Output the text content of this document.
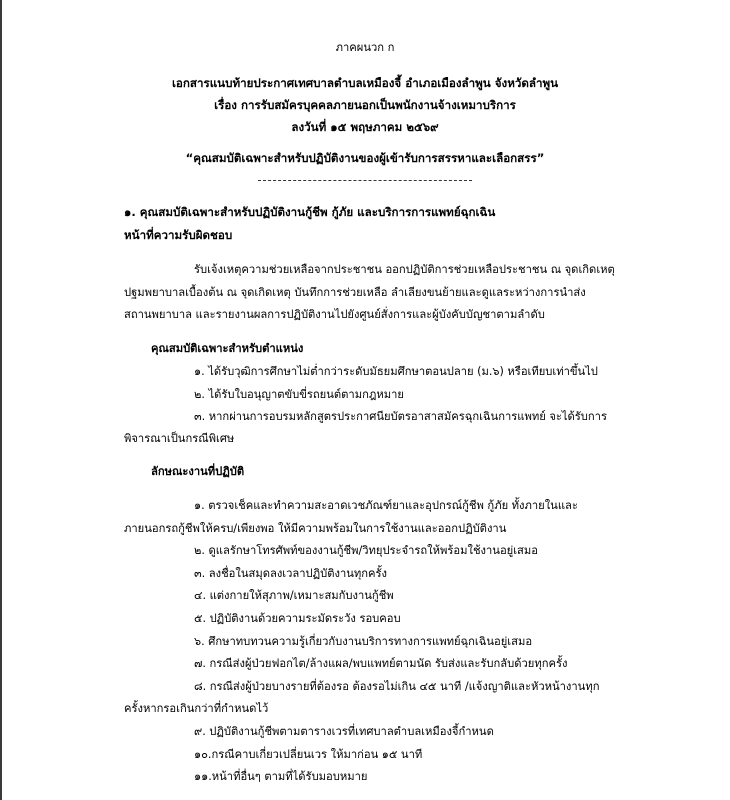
ภาคผนวก ก
เอกสารแนบท้ายประกาศเทศบาลตำบลเหมืองจี้ อำเภอเมืองลำพูน จังหวัดลำพูน
เรื่อง การรับสมัครบุคคลภายนอกเป็นพนักงานจ้างเหมาบริการ
ลงวันที่ ๑๕ พฤษภาคม ๒๕๖๙
“คุณสมบัติเฉพาะสำหรับปฏิบัติงานของผู้เข้ารับการสรรหาและเลือกสรร”
๑. คุณสมบัติเฉพาะสำหรับปฏิบัติงานกู้ชีพ กู้ภัย และบริการการแพทย์ฉุกเฉิน
หน้าที่ความรับผิดชอบ
รับเจ้งเหตุความช่วยเหลือจากประชาชน ออกปฏิบัติการช่วยเหลือประชาชน ณ จุดเกิดเหตุ
ปฐมพยาบาลเบื้องต้น ณ จุดเกิดเหตุ บันทึกการช่วยเหลือ ลำเลียงขนย้ายและดูแลระหว่างการนำส่ง
สถานพยาบาล และรายงานผลการปฏิบัติงานไปยังศูนย์สั่งการและผู้บังคับบัญชาตามลำดับ
คุณสมบัติเฉพาะสำหรับตำแหน่ง
๑. ได้รับวุฒิการศึกษาไม่ต่ำกว่าระดับมัธยมศึกษาตอนปลาย (ม.๖) หรือเทียบเท่าขึ้นไป
๒. ได้รับใบอนุญาตขับขี่รถยนต์ตามกฎหมาย
๓. หากผ่านการอบรมหลักสูตรประกาศนียบัตรอาสาสมัครฉุกเฉินการแพทย์ จะได้รับการ
พิจารณาเป็นกรณีพิเศษ
ลักษณะงานที่ปฏิบัติ
๑. ตรวจเช็คและทำความสะอาดเวชภัณฑ์ยาและอุปกรณ์กู้ชีพ กู้ภัย ทั้งภายในและ
ภายนอกรถกู้ชีพให้ครบ/เพียงพอ ให้มีความพร้อมในการใช้งานและออกปฏิบัติงาน
๒. ดูแลรักษาโทรศัพท์ของงานกู้ชีพ/วิทยุประจำรถให้พร้อมใช้งานอยู่เสมอ
๓. ลงชื่อในสมุดลงเวลาปฏิบัติงานทุกครั้ง
๔. แต่งกายให้สุภาพ/เหมาะสมกับงานกู้ชีพ
๕. ปฏิบัติงานด้วยความระมัดระวัง รอบคอบ
๖. ศึกษาทบทวนความรู้เกี่ยวกับงานบริการทางการแพทย์ฉุกเฉินอยู่เสมอ
๗. กรณีส่งผู้ป่วยฟอกไต/ล้างแผล/พบแพทย์ตามนัด รับส่งและรับกลับด้วยทุกครั้ง
๘. กรณีส่งผู้ป่วยบางรายที่ต้องรอ ต้องรอไม่เกิน ๔๕ นาที /แจ้งญาติและหัวหน้างานทุก
ครั้งหากรอเกินกว่าที่กำหนดไว้
๙. ปฏิบัติงานกู้ชีพตามตารางเวรที่เทศบาลตำบลเหมืองจี้กำหนด
๑๐.กรณีคาบเกี่ยวเปลี่ยนเวร ให้มาก่อน ๑๕ นาที
๑๑.หน้าที่อื่นๆ ตามที่ได้รับมอบหมาย
